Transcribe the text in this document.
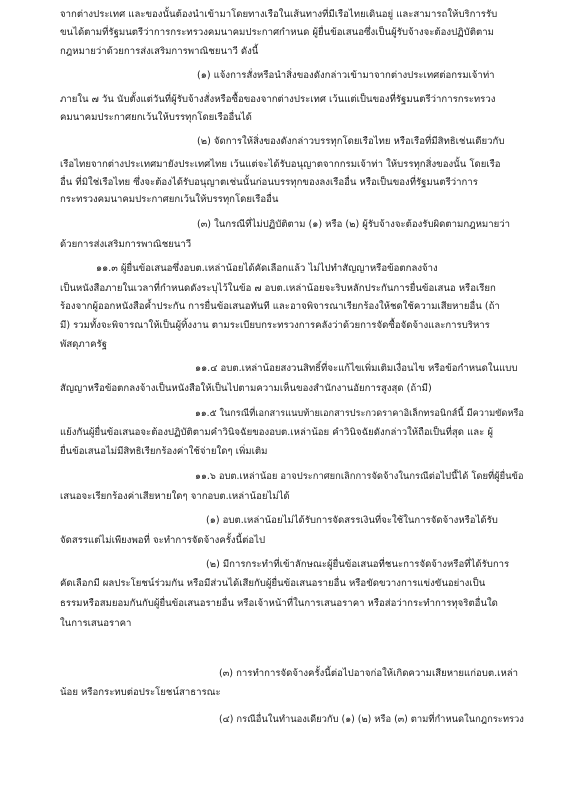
จากต่างประเทศ และของนั้นต้องนำเข้ามาโดยทางเรือในเส้นทางที่มีเรือไทยเดินอยู่ และสามารถให้บริการรับ
ขนได้ตามที่รัฐมนตรีว่าการกระทรวงคมนาคมประกาศกำหนด ผู้ยื่นข้อเสนอซึ่งเป็นผู้รับจ้างจะต้องปฏิบัติตาม
กฎหมายว่าด้วยการส่งเสริมการพาณิชยนาวี ดังนี้
(๑) แจ้งการสั่งหรือนำสิ่งของดังกล่าวเข้ามาจากต่างประเทศต่อกรมเจ้าท่า
ภายใน ๗ วัน นับตั้งแต่วันที่ผู้รับจ้างสั่งหรือซื้อของจากต่างประเทศ เว้นแต่เป็นของที่รัฐมนตรีว่าการกระทรวง
คมนาคมประกาศยกเว้นให้บรรทุกโดยเรืออื่นได้
(๒) จัดการให้สิ่งของดังกล่าวบรรทุกโดยเรือไทย หรือเรือที่มีสิทธิเช่นเดียวกับ
เรือไทยจากต่างประเทศมายังประเทศไทย เว้นแต่จะได้รับอนุญาตจากกรมเจ้าท่า ให้บรรทุกสิ่งของนั้น โดยเรือ
อื่น ที่มิใช่เรือไทย ซึ่งจะต้องได้รับอนุญาตเช่นนั้นก่อนบรรทุกของลงเรืออื่น หรือเป็นของที่รัฐมนตรีว่าการ
กระทรวงคมนาคมประกาศยกเว้นให้บรรทุกโดยเรืออื่น
(๓) ในกรณีที่ไม่ปฏิบัติตาม (๑) หรือ (๒) ผู้รับจ้างจะต้องรับผิดตามกฎหมายว่า
ด้วยการส่งเสริมการพาณิชยนาวี
๑๑.๓ ผู้ยื่นข้อเสนอซึ่งอบต.เหล่าน้อยได้คัดเลือกแล้ว ไม่ไปทำสัญญาหรือข้อตกลงจ้าง
เป็นหนังสือภายในเวลาที่กำหนดดังระบุไว้ในข้อ ๗ อบต.เหล่าน้อยจะริบหลักประกันการยื่นข้อเสนอ หรือเรียก
ร้องจากผู้ออกหนังสือค้ำประกัน การยื่นข้อเสนอทันที และอาจพิจารณาเรียกร้องให้ชดใช้ความเสียหายอื่น (ถ้า
มี) รวมทั้งจะพิจารณาให้เป็นผู้ทิ้งงาน ตามระเบียบกระทรวงการคลังว่าด้วยการจัดซื้อจัดจ้างและการบริหาร
พัสดุภาครัฐ
๑๑.๔ อบต.เหล่าน้อยสงวนสิทธิ์ที่จะแก้ไขเพิ่มเติมเงื่อนไข หรือข้อกำหนดในแบบ
สัญญาหรือข้อตกลงจ้างเป็นหนังสือให้เป็นไปตามความเห็นของสำนักงานอัยการสูงสุด (ถ้ามี)
๑๑.๕ ในกรณีที่เอกสารแนบท้ายเอกสารประกวดราคาอิเล็กทรอนิกส์นี้ มีความขัดหรือ
แย้งกันผู้ยื่นข้อเสนอจะต้องปฏิบัติตามคำวินิจฉัยของอบต.เหล่าน้อย คำวินิจฉัยดังกล่าวให้ถือเป็นที่สุด และ ผู้
ยื่นข้อเสนอไม่มีสิทธิเรียกร้องค่าใช้จ่ายใดๆ เพิ่มเติม
๑๑.๖ อบต.เหล่าน้อย อาจประกาศยกเลิกการจัดจ้างในกรณีต่อไปนี้ได้ โดยที่ผู้ยื่นข้อ
เสนอจะเรียกร้องค่าเสียหายใดๆ จากอบต.เหล่าน้อยไม่ได้
(๑) อบต.เหล่าน้อยไม่ได้รับการจัดสรรเงินที่จะใช้ในการจัดจ้างหรือได้รับ
จัดสรรแต่ไม่เพียงพอที่ จะทำการจัดจ้างครั้งนี้ต่อไป
(๒) มีการกระทำที่เข้าลักษณะผู้ยื่นข้อเสนอที่ชนะการจัดจ้างหรือที่ได้รับการ
คัดเลือกมี ผลประโยชน์ร่วมกัน หรือมีส่วนได้เสียกับผู้ยื่นข้อเสนอรายอื่น หรือขัดขวางการแข่งขันอย่างเป็น
ธรรมหรือสมยอมกันกับผู้ยื่นข้อเสนอรายอื่น หรือเจ้าหน้าที่ในการเสนอราคา หรือส่อว่ากระทำการทุจริตอื่นใด
ในการเสนอราคา
(๓) การทำการจัดจ้างครั้งนี้ต่อไปอาจก่อให้เกิดความเสียหายแก่อบต.เหล่า
น้อย หรือกระทบต่อประโยชน์สาธารณะ
(๔) กรณีอื่นในทำนองเดียวกับ (๑) (๒) หรือ (๓) ตามที่กำหนดในกฎกระทรวง
